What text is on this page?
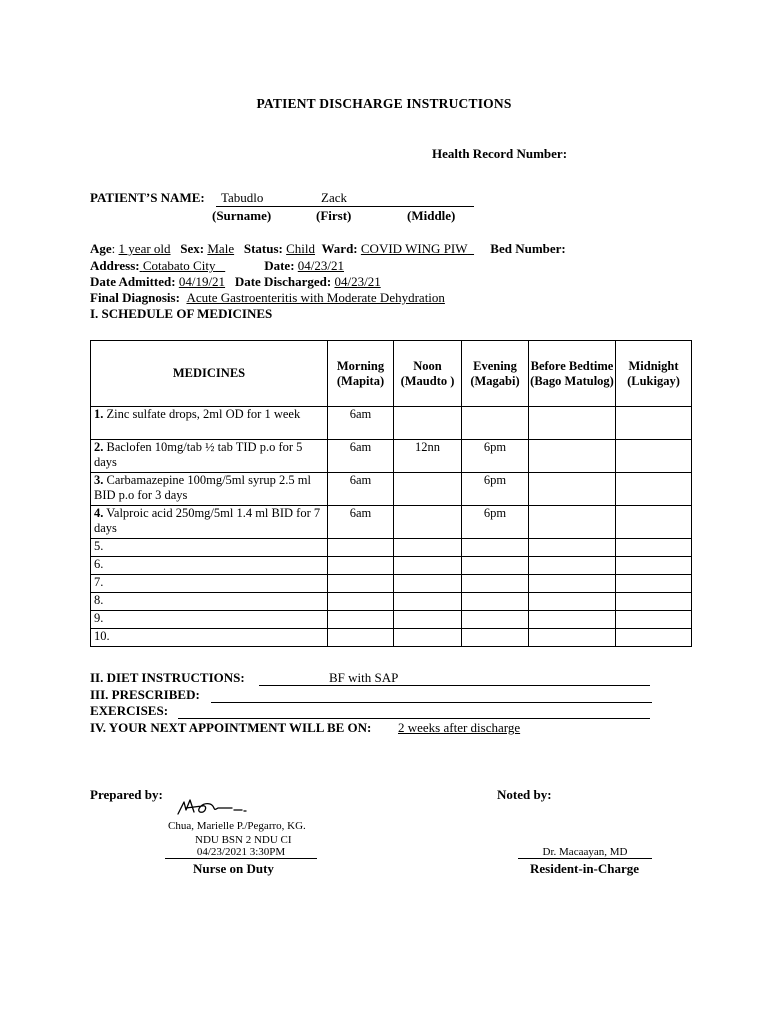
PATIENT DISCHARGE INSTRUCTIONS
Health Record Number:
PATIENT’S NAME: Tabudlo	Zack
(Surname)	(First)	(Middle)
Age: 1 year old Sex: Male Status: Child Ward: COVID WING PIW Bed Number:
Address: Cotabato City	Date: 04/23/21
Date Admitted: 04/19/21 Date Discharged: 04/23/21
Final Diagnosis: Acute Gastroenteritis with Moderate Dehydration
I. SCHEDULE OF MEDICINES
MEDICINES	Morning (Mapita)	Noon (Maudto )	Evening (Magabi)	Before Bedtime (Bago Matulog)	Midnight (Lukigay)
1. Zinc sulfate drops, 2ml OD for 1 week	6am				
2. Baclofen 10mg/tab ½ tab TID p.o for 5 days	6am	12nn	6pm		
3. Carbamazepine 100mg/5ml syrup 2.5 ml BID p.o for 3 days	6am		6pm		
4. Valproic acid 250mg/5ml 1.4 ml BID for 7 days	6am		6pm		
5.					
6.					
7.					
8.					
9.					
10.					
II. DIET INSTRUCTIONS:	BF with SAP
III. PRESCRIBED:
EXERCISES:
IV. YOUR NEXT APPOINTMENT WILL BE ON: 2 weeks after discharge
Prepared by:
Chua, Marielle P./Pegarro, KG.
NDU BSN 2 NDU CI
04/23/2021 3:30PM
Nurse on Duty
Noted by:
Dr. Macaayan, MD
Resident-in-Charge
